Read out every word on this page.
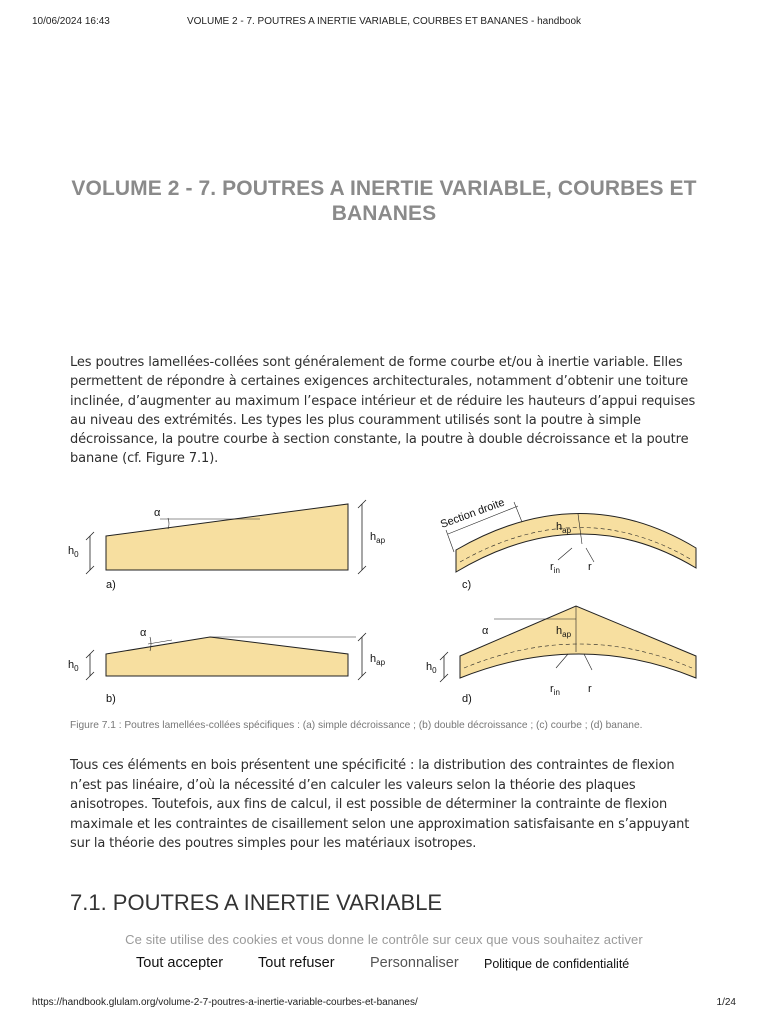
10/06/2024 16:43	VOLUME 2 - 7. POUTRES A INERTIE VARIABLE, COURBES ET BANANES - handbook
VOLUME 2 - 7. POUTRES A INERTIE VARIABLE, COURBES ET BANANES

Les poutres lamellées-collées sont généralement de forme courbe et/ou à inertie variable. Elles permettent de répondre à certaines exigences architecturales, notamment d’obtenir une toiture inclinée, d’augmenter au maximum l’espace intérieur et de réduire les hauteurs d’appui requises au niveau des extrémités. Les types les plus couramment utilisés sont la poutre à simple décroissance, la poutre courbe à section constante, la poutre à double décroissance et la poutre banane (cf. Figure 7.1).

α
$h_0$
$h_{ap}$
a)
α
$h_0$
$h_{ap}$
b)
Section droite	$h_{ap}$
$r_{in}$	r
c)
α
$h_0$
$h_{ap}$
$r_{in}$	r
d)

Figure 7.1 : Poutres lamellées-collées spécifiques : (a) simple décroissance ; (b) double décroissance ; (c) courbe ; (d) banane.

Tous ces éléments en bois présentent une spécificité : la distribution des contraintes de flexion n’est pas linéaire, d’où la nécessité d’en calculer les valeurs selon la théorie des plaques anisotropes. Toutefois, aux fins de calcul, il est possible de déterminer la contrainte de flexion maximale et les contraintes de cisaillement selon une approximation satisfaisante en s’appuyant sur la théorie des poutres simples pour les matériaux isotropes.

7.1. POUTRES A INERTIE VARIABLE
Ce site utilise des cookies et vous donne le contrôle sur ceux que vous souhaitez activer
Tout accepter Tout refuser Personnaliser Politique de confidentialité
https://handbook.glulam.org/volume-2-7-poutres-a-inertie-variable-courbes-et-bananes/	1/24
